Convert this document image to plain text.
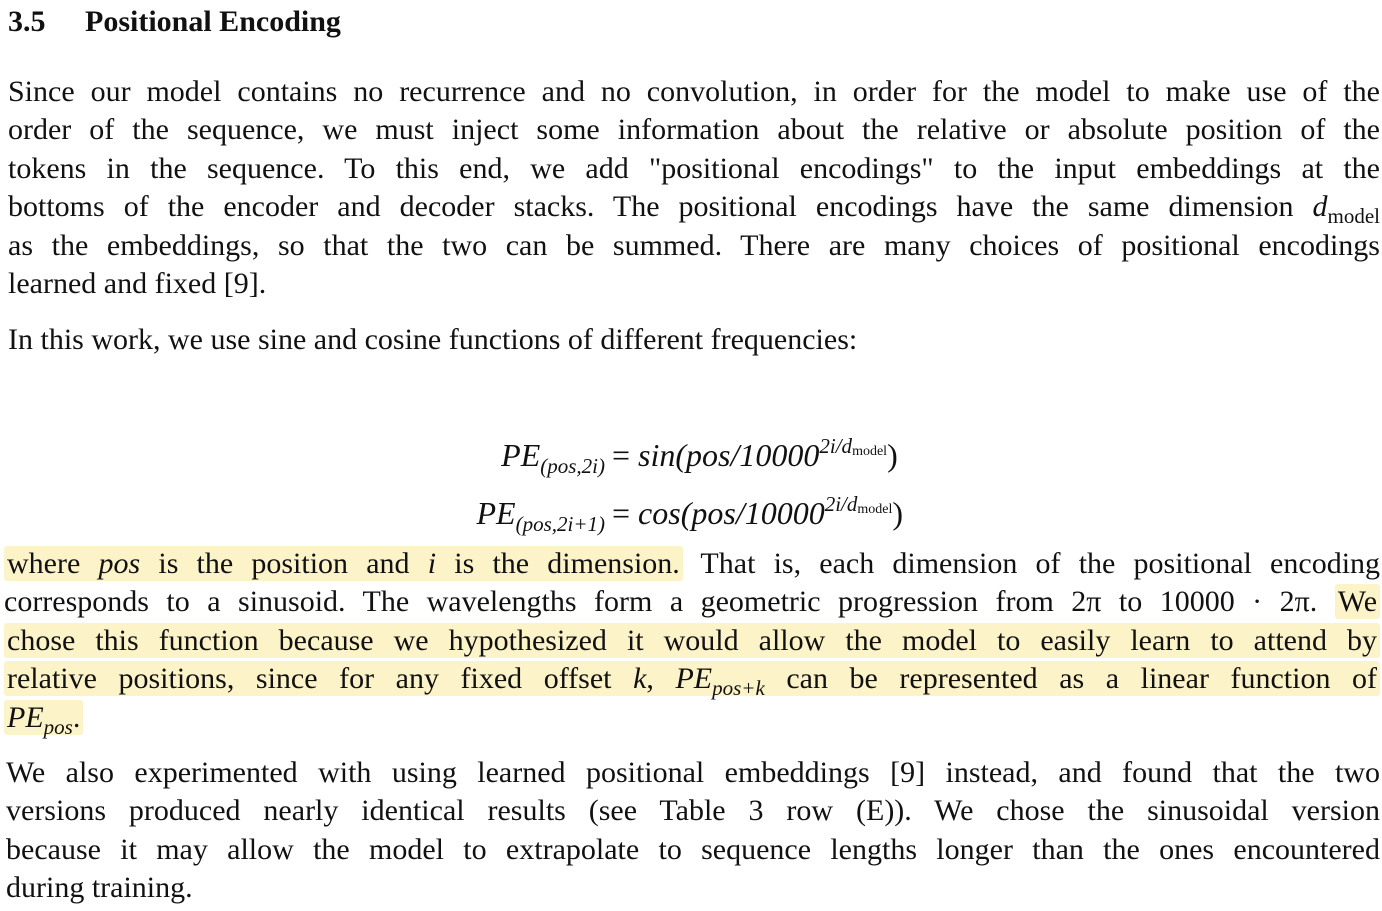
3.5 Positional Encoding
Since our model contains no recurrence and no convolution, in order for the model to make use of the
order of the sequence, we must inject some information about the relative or absolute position of the
tokens in the sequence. To this end, we add "positional encodings" to the input embeddings at the
bottoms of the encoder and decoder stacks. The positional encodings have the same dimension $d_{model}$
as the embeddings, so that the two can be summed. There are many choices of positional encodings
learned and fixed [9].
In this work, we use sine and cosine functions of different frequencies:
$PE_{(pos,2i)} = \sin(pos/10000^{2i/d_{model}})$
$PE_{(pos,2i+1)} = \cos(pos/10000^{2i/d_{model}})$
where pos is the position and i is the dimension. That is, each dimension of the positional encoding
corresponds to a sinusoid. The wavelengths form a geometric progression from 2π to 10000 · 2π. We
chose this function because we hypothesized it would allow the model to easily learn to attend by
relative positions, since for any fixed offset k, $PE_{pos+k}$ can be represented as a linear function of
$PE_{pos}$.
We also experimented with using learned positional embeddings [9] instead, and found that the two
versions produced nearly identical results (see Table 3 row (E)). We chose the sinusoidal version
because it may allow the model to extrapolate to sequence lengths longer than the ones encountered
during training.
